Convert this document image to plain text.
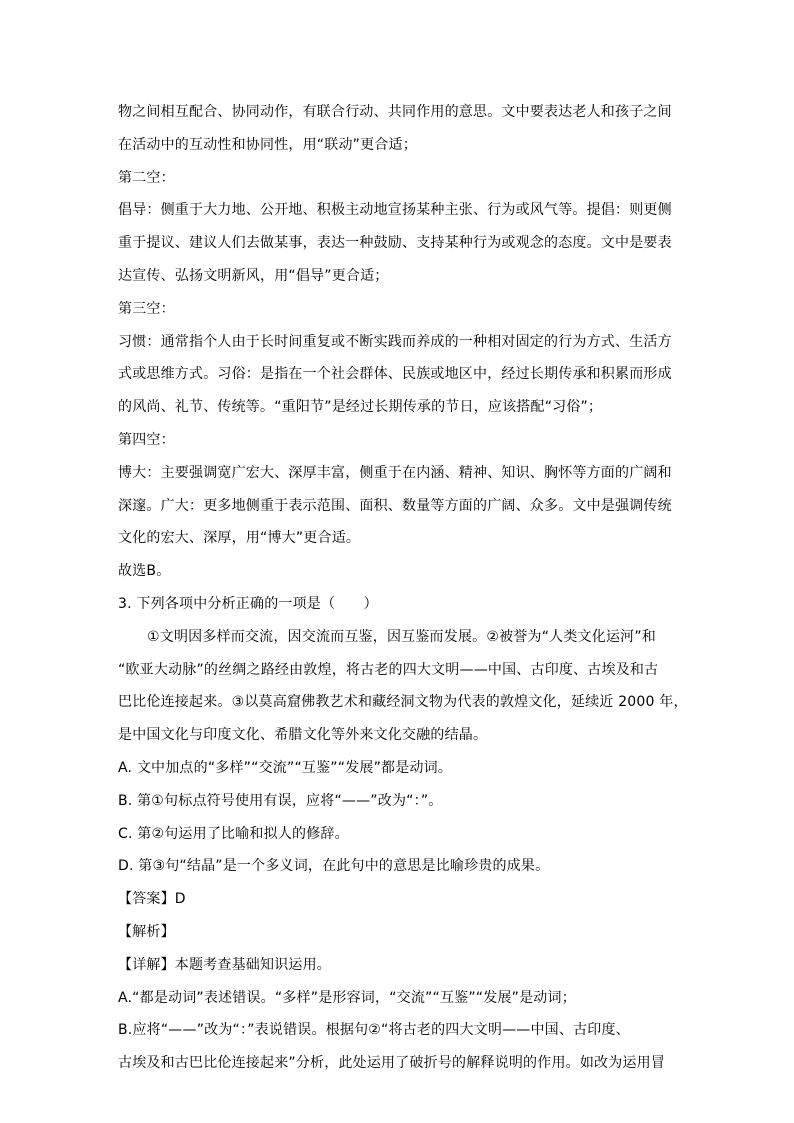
物之间相互配合、协同动作，有联合行动、共同作用的意思。文中要表达老人和孩子之间
在活动中的互动性和协同性，用“联动”更合适；
第二空：
倡导：侧重于大力地、公开地、积极主动地宣扬某种主张、行为或风气等。提倡：则更侧
重于提议、建议人们去做某事，表达一种鼓励、支持某种行为或观念的态度。文中是要表
达宣传、弘扬文明新风，用“倡导”更合适；
第三空：
习惯：通常指个人由于长时间重复或不断实践而养成的一种相对固定的行为方式、生活方
式或思维方式。习俗：是指在一个社会群体、民族或地区中，经过长期传承和积累而形成
的风尚、礼节、传统等。“重阳节”是经过长期传承的节日，应该搭配“习俗”；
第四空：
博大：主要强调宽广宏大、深厚丰富，侧重于在内涵、精神、知识、胸怀等方面的广阔和
深邃。广大：更多地侧重于表示范围、面积、数量等方面的广阔、众多。文中是强调传统
文化的宏大、深厚，用“博大”更合适。
故选B。
3. 下列各项中分析正确的一项是（　　）
①文明因多样而交流，因交流而互鉴，因互鉴而发展。②被誉为“人类文化运河”和
“欧亚大动脉”的丝绸之路经由敦煌，将古老的四大文明——中国、古印度、古埃及和古
巴比伦连接起来。③以莫高窟佛教艺术和藏经洞文物为代表的敦煌文化，延续近 2000 年，
是中国文化与印度文化、希腊文化等外来文化交融的结晶。
A. 文中加点的“多样”“交流”“互鉴”“发展”都是动词。
B. 第①句标点符号使用有误，应将“——”改为“：”。
C. 第②句运用了比喻和拟人的修辞。
D. 第③句“结晶”是一个多义词，在此句中的意思是比喻珍贵的成果。
【答案】D
【解析】
【详解】本题考查基础知识运用。
A.“都是动词”表述错误。“多样”是形容词，“交流”“互鉴”“发展”是动词；
B.应将“——”改为“：”表说错误。根据句②“将古老的四大文明——中国、古印度、
古埃及和古巴比伦连接起来”分析，此处运用了破折号的解释说明的作用。如改为运用冒
